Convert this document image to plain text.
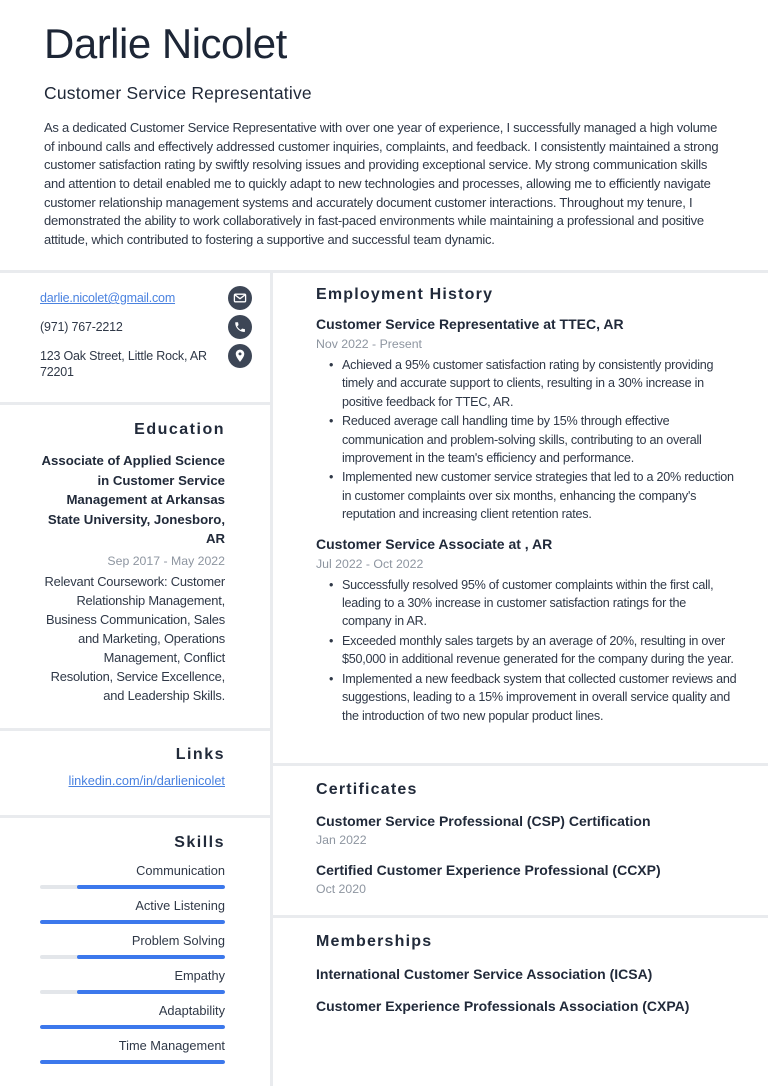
Darlie Nicolet
Customer Service Representative

As a dedicated Customer Service Representative with over one year of experience, I successfully managed a high volume of inbound calls and effectively addressed customer inquiries, complaints, and feedback. I consistently maintained a strong customer satisfaction rating by swiftly resolving issues and providing exceptional service. My strong communication skills and attention to detail enabled me to quickly adapt to new technologies and processes, allowing me to efficiently navigate customer relationship management systems and accurately document customer interactions. Throughout my tenure, I demonstrated the ability to work collaboratively in fast-paced environments while maintaining a professional and positive attitude, which contributed to fostering a supportive and successful team dynamic.

darlie.nicolet@gmail.com
(971) 767-2212
123 Oak Street, Little Rock, AR
72201
Education
Associate of Applied Science in Customer Service Management at Arkansas State University, Jonesboro, AR
Sep 2017 - May 2022
Relevant Coursework: Customer Relationship Management, Business Communication, Sales and Marketing, Operations Management, Conflict Resolution, Service Excellence, and Leadership Skills.
Links
linkedin.com/in/darlienicolet
Skills
Communication
Active Listening
Problem Solving
Empathy
Adaptability
Time Management
Employment History
Customer Service Representative at TTEC, AR
Nov 2022 - Present
• Achieved a 95% customer satisfaction rating by consistently providing timely and accurate support to clients, resulting in a 30% increase in positive feedback for TTEC, AR.
• Reduced average call handling time by 15% through effective communication and problem-solving skills, contributing to an overall improvement in the team's efficiency and performance.
• Implemented new customer service strategies that led to a 20% reduction in customer complaints over six months, enhancing the company's reputation and increasing client retention rates.
Customer Service Associate at , AR
Jul 2022 - Oct 2022
• Successfully resolved 95% of customer complaints within the first call, leading to a 30% increase in customer satisfaction ratings for the company in AR.
• Exceeded monthly sales targets by an average of 20%, resulting in over $50,000 in additional revenue generated for the company during the year.
• Implemented a new feedback system that collected customer reviews and suggestions, leading to a 15% improvement in overall service quality and the introduction of two new popular product lines.
Certificates
Customer Service Professional (CSP) Certification
Jan 2022
Certified Customer Experience Professional (CCXP)
Oct 2020
Memberships
International Customer Service Association (ICSA)
Customer Experience Professionals Association (CXPA)
